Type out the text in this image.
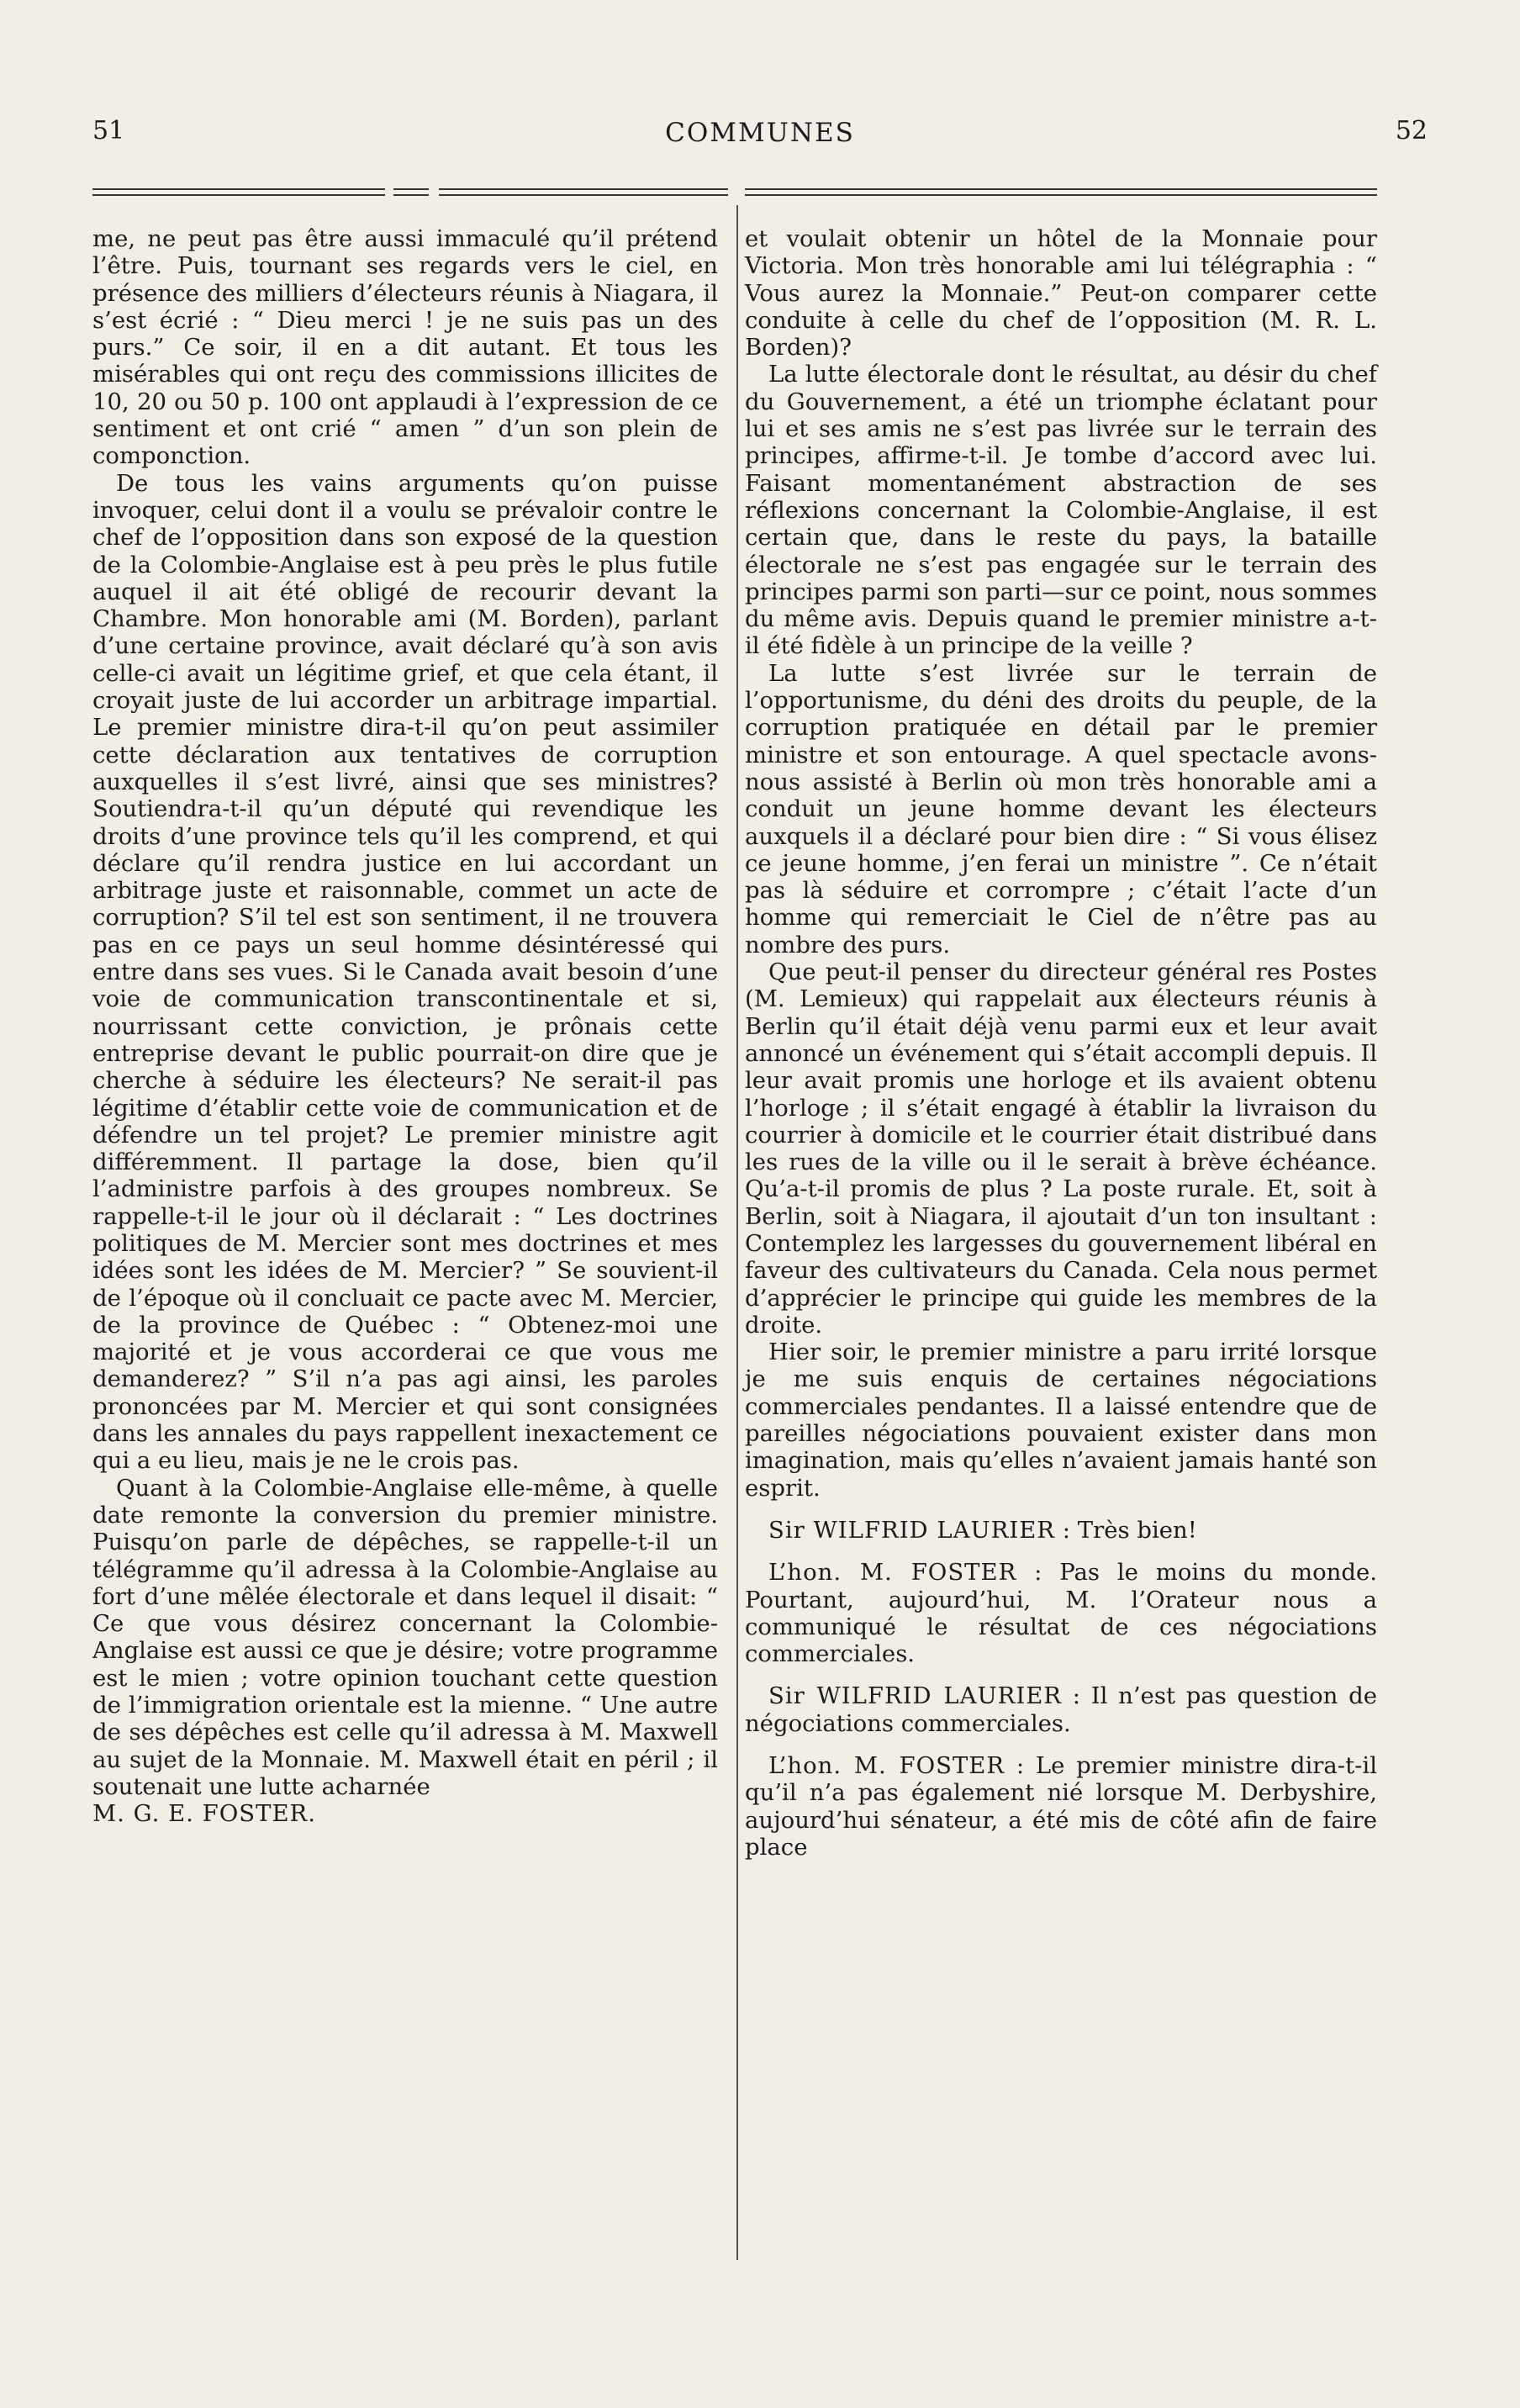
51	COMMUNES	52

me, ne peut pas être aussi immaculé qu’il prétend l’être. Puis, tournant ses regards vers le ciel, en présence des milliers d’électeurs réunis à Niagara, il s’est écrié : “ Dieu merci ! je ne suis pas un des purs.” Ce soir, il en a dit autant. Et tous les misérables qui ont reçu des commissions illicites de 10, 20 ou 50 p. 100 ont applaudi à l’expression de ce sentiment et ont crié “ amen ” d’un son plein de componction.

De tous les vains arguments qu’on puisse invoquer, celui dont il a voulu se prévaloir contre le chef de l’opposition dans son exposé de la question de la Colombie-Anglaise est à peu près le plus futile auquel il ait été obligé de recourir devant la Chambre. Mon honorable ami (M. Borden), parlant d’une certaine province, avait déclaré qu’à son avis celle-ci avait un légitime grief, et que cela étant, il croyait juste de lui accorder un arbitrage impartial. Le premier ministre dira-t-il qu’on peut assimiler cette déclaration aux tentatives de corruption auxquelles il s’est livré, ainsi que ses ministres? Soutiendra-t-il qu’un député qui revendique les droits d’une province tels qu’il les comprend, et qui déclare qu’il rendra justice en lui accordant un arbitrage juste et raisonnable, commet un acte de corruption? S’il tel est son sentiment, il ne trouvera pas en ce pays un seul homme désintéressé qui entre dans ses vues. Si le Canada avait besoin d’une voie de communication transcontinentale et si, nourrissant cette conviction, je prônais cette entreprise devant le public pourrait-on dire que je cherche à séduire les électeurs? Ne serait-il pas légitime d’établir cette voie de communication et de défendre un tel projet? Le premier ministre agit différemment. Il partage la dose, bien qu’il l’administre parfois à des groupes nombreux. Se rappelle-t-il le jour où il déclarait : “ Les doctrines politiques de M. Mercier sont mes doctrines et mes idées sont les idées de M. Mercier? ” Se souvient-il de l’époque où il concluait ce pacte avec M. Mercier, de la province de Québec : “ Obtenez-moi une majorité et je vous accorderai ce que vous me demanderez? ” S’il n’a pas agi ainsi, les paroles prononcées par M. Mercier et qui sont consignées dans les annales du pays rappellent inexactement ce qui a eu lieu, mais je ne le crois pas.

Quant à la Colombie-Anglaise elle-même, à quelle date remonte la conversion du premier ministre. Puisqu’on parle de dépêches, se rappelle-t-il un télégramme qu’il adressa à la Colombie-Anglaise au fort d’une mêlée électorale et dans lequel il disait: “ Ce que vous désirez concernant la Colombie-Anglaise est aussi ce que je désire; votre programme est le mien ; votre opinion touchant cette question de l’immigration orientale est la mienne. “ Une autre de ses dépêches est celle qu’il adressa à M. Maxwell au sujet de la Monnaie. M. Maxwell était en péril ; il soutenait une lutte acharnée

M. G. E. FOSTER.

et voulait obtenir un hôtel de la Monnaie pour Victoria. Mon très honorable ami lui télégraphia : “ Vous aurez la Monnaie.” Peut-on comparer cette conduite à celle du chef de l’opposition (M. R. L. Borden)?

La lutte électorale dont le résultat, au désir du chef du Gouvernement, a été un triomphe éclatant pour lui et ses amis ne s’est pas livrée sur le terrain des principes, affirme-t-il. Je tombe d’accord avec lui. Faisant momentanément abstraction de ses réflexions concernant la Colombie-Anglaise, il est certain que, dans le reste du pays, la bataille électorale ne s’est pas engagée sur le terrain des principes parmi son parti—sur ce point, nous sommes du même avis. Depuis quand le premier ministre a-t-il été fidèle à un principe de la veille ?

La lutte s’est livrée sur le terrain de l’opportunisme, du déni des droits du peuple, de la corruption pratiquée en détail par le premier ministre et son entourage. A quel spectacle avons-nous assisté à Berlin où mon très honorable ami a conduit un jeune homme devant les électeurs auxquels il a déclaré pour bien dire : “ Si vous élisez ce jeune homme, j’en ferai un ministre ”. Ce n’était pas là séduire et corrompre ; c’était l’acte d’un homme qui remerciait le Ciel de n’être pas au nombre des purs.

Que peut-il penser du directeur général res Postes (M. Lemieux) qui rappelait aux électeurs réunis à Berlin qu’il était déjà venu parmi eux et leur avait annoncé un événement qui s’était accompli depuis. Il leur avait promis une horloge et ils avaient obtenu l’horloge ; il s’était engagé à établir la livraison du courrier à domicile et le courrier était distribué dans les rues de la ville ou il le serait à brève échéance. Qu’a-t-il promis de plus ? La poste rurale. Et, soit à Berlin, soit à Niagara, il ajoutait d’un ton insultant : Contemplez les largesses du gouvernement libéral en faveur des cultivateurs du Canada. Cela nous permet d’apprécier le principe qui guide les membres de la droite.

Hier soir, le premier ministre a paru irrité lorsque je me suis enquis de certaines négociations commerciales pendantes. Il a laissé entendre que de pareilles négociations pouvaient exister dans mon imagination, mais qu’elles n’avaient jamais hanté son esprit.

Sir WILFRID LAURIER : Très bien!

L’hon. M. FOSTER : Pas le moins du monde. Pourtant, aujourd’hui, M. l’Orateur nous a communiqué le résultat de ces négociations commerciales.

Sir WILFRID LAURIER : Il n’est pas question de négociations commerciales.

L’hon. M. FOSTER : Le premier ministre dira-t-il qu’il n’a pas également nié lorsque M. Derbyshire, aujourd’hui sénateur, a été mis de côté afin de faire place
